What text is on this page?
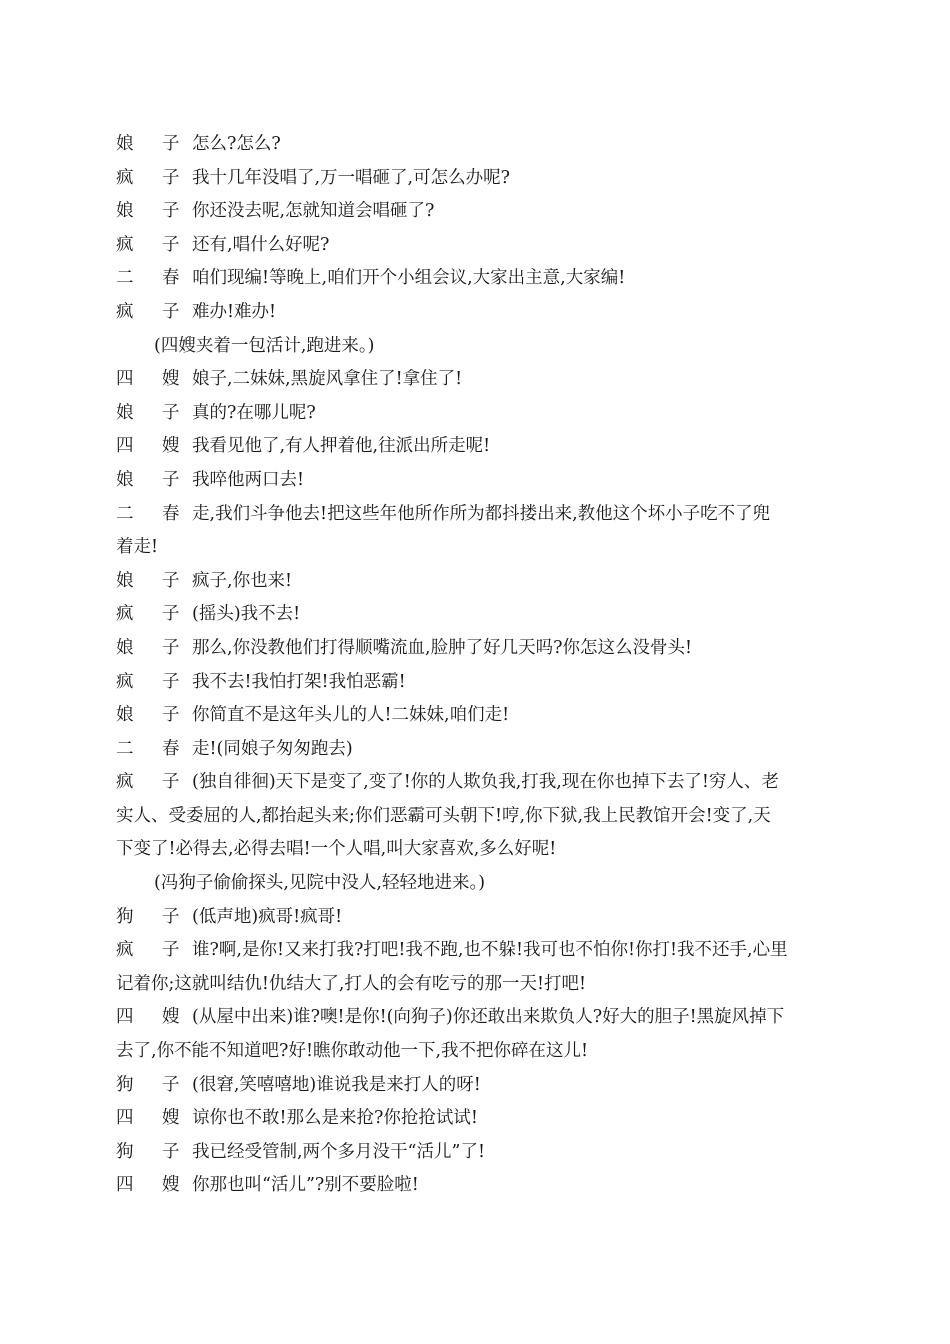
娘 子 怎么?怎么?

疯 子 我十几年没唱了,万一唱砸了,可怎么办呢?

娘 子 你还没去呢,怎就知道会唱砸了?

疯 子 还有,唱什么好呢?

二 春 咱们现编!等晚上,咱们开个小组会议,大家出主意,大家编!

疯 子 难办!难办!

(四嫂夹着一包活计,跑进来。)

四 嫂 娘子,二妹妹,黑旋风拿住了!拿住了!

娘 子 真的?在哪儿呢?

四 嫂 我看见他了,有人押着他,往派出所走呢!

娘 子 我啐他两口去!

二 春 走,我们斗争他去!把这些年他所作所为都抖搂出来,教他这个坏小子吃不了兜

着走!

娘 子 疯子,你也来!

疯 子 (摇头)我不去!

娘 子 那么,你没教他们打得顺嘴流血,脸肿了好几天吗?你怎这么没骨头!

疯 子 我不去!我怕打架!我怕恶霸!

娘 子 你简直不是这年头儿的人!二妹妹,咱们走!

二 春 走!(同娘子匆匆跑去)

疯 子 (独自徘徊)天下是变了,变了!你的人欺负我,打我,现在你也掉下去了!穷人、老

实人、受委屈的人,都抬起头来;你们恶霸可头朝下!哼,你下狱,我上民教馆开会!变了,天

下变了!必得去,必得去唱!一个人唱,叫大家喜欢,多么好呢!

(冯狗子偷偷探头,见院中没人,轻轻地进来。)

狗 子 (低声地)疯哥!疯哥!

疯 子 谁?啊,是你!又来打我?打吧!我不跑,也不躲!我可也不怕你!你打!我不还手,心里

记着你;这就叫结仇!仇结大了,打人的会有吃亏的那一天!打吧!

四 嫂 (从屋中出来)谁?噢!是你!(向狗子)你还敢出来欺负人?好大的胆子!黑旋风掉下

去了,你不能不知道吧?好!瞧你敢动他一下,我不把你碎在这儿!

狗 子 (很窘,笑嘻嘻地)谁说我是来打人的呀!

四 嫂 谅你也不敢!那么是来抢?你抢抢试试!

狗 子 我已经受管制,两个多月没干“活儿”了!

四 嫂 你那也叫“活儿”?别不要脸啦!
